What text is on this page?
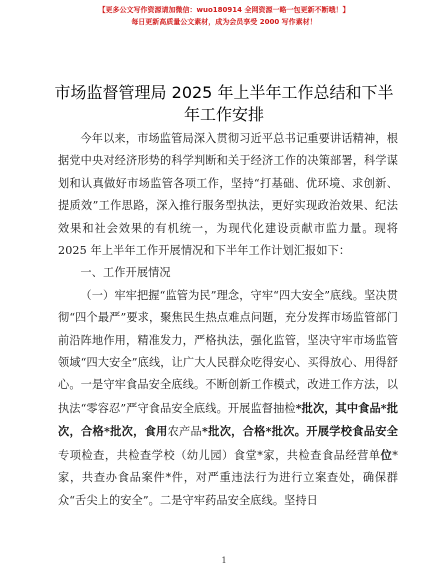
【更多公文写作资源请加微信：wuo180914 全网资源一略一包更新不断哦！】
每日更新高质量公文素材，成为会员享受 2000 写作素材！
市场监督管理局 2025 年上半年工作总结和下半
年工作安排

今年以来，市场监管局深入贯彻习近平总书记重要讲话精神，根据党中央对经济形势的科学判断和关于经济工作的决策部署，科学谋划和认真做好市场监管各项工作，坚持“打基础、优环境、求创新、提质效”工作思路，深入推行服务型执法，更好实现政治效果、纪法效果和社会效果的有机统一，为现代化建设贡献市监力量。现将 2025 年上半年工作开展情况和下半年工作计划汇报如下：

一、工作开展情况

（一）牢牢把握“监管为民”理念，守牢“四大安全”底线。坚决贯彻“四个最严”要求，聚焦民生热点难点问题，充分发挥市场监管部门前沿阵地作用，精准发力，严格执法，强化监管，坚决守牢市场监管领域“四大安全”底线，让广大人民群众吃得安心、买得放心、用得舒心。一是守牢食品安全底线。不断创新工作模式，改进工作方法，以执法“零容忍”严守食品安全底线。开展监督抽检*批次，其中食品*批次，合格*批次，食用农产品*批次，合格*批次。开展学校食品安全专项检查，共检查学校（幼儿园）食堂*家，共检查食品经营单位*家，共查办食品案件*件，对严重违法行为进行立案查处，确保群众“舌尖上的安全”。二是守牢药品安全底线。坚持日

1
